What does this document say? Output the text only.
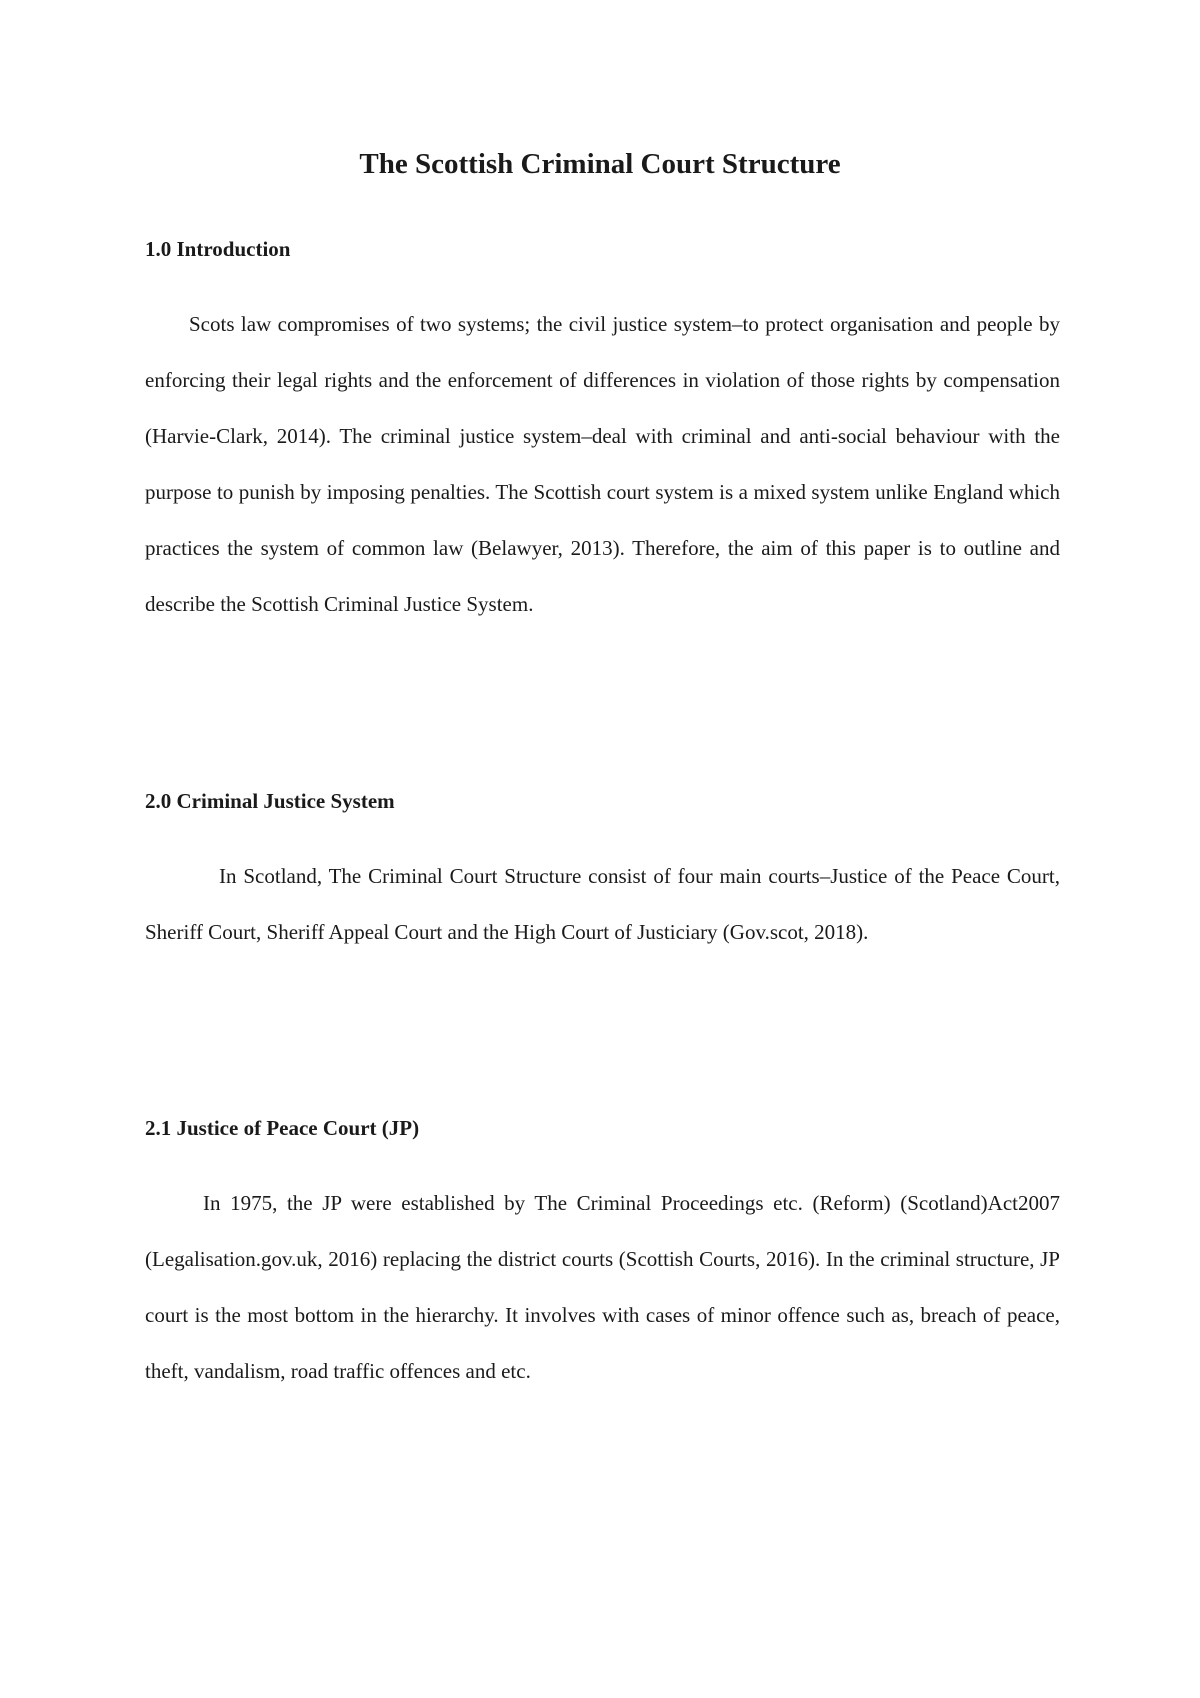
The Scottish Criminal Court Structure
1.0 Introduction

Scots law compromises of two systems; the civil justice system–to protect organisation and people by enforcing their legal rights and the enforcement of differences in violation of those rights by compensation (Harvie-Clark, 2014). The criminal justice system–deal with criminal and anti-social behaviour with the purpose to punish by imposing penalties. The Scottish court system is a mixed system unlike England which practices the system of common law (Belawyer, 2013). Therefore, the aim of this paper is to outline and describe the Scottish Criminal Justice System.

2.0 Criminal Justice System

In Scotland, The Criminal Court Structure consist of four main courts–Justice of the Peace Court, Sheriff Court, Sheriff Appeal Court and the High Court of Justiciary (Gov.scot, 2018).

2.1 Justice of Peace Court (JP)

In 1975, the JP were established by The Criminal Proceedings etc. (Reform) (Scotland)Act2007 (Legalisation.gov.uk, 2016) replacing the district courts (Scottish Courts, 2016). In the criminal structure, JP court is the most bottom in the hierarchy. It involves with cases of minor offence such as, breach of peace, theft, vandalism, road traffic offences and etc.
